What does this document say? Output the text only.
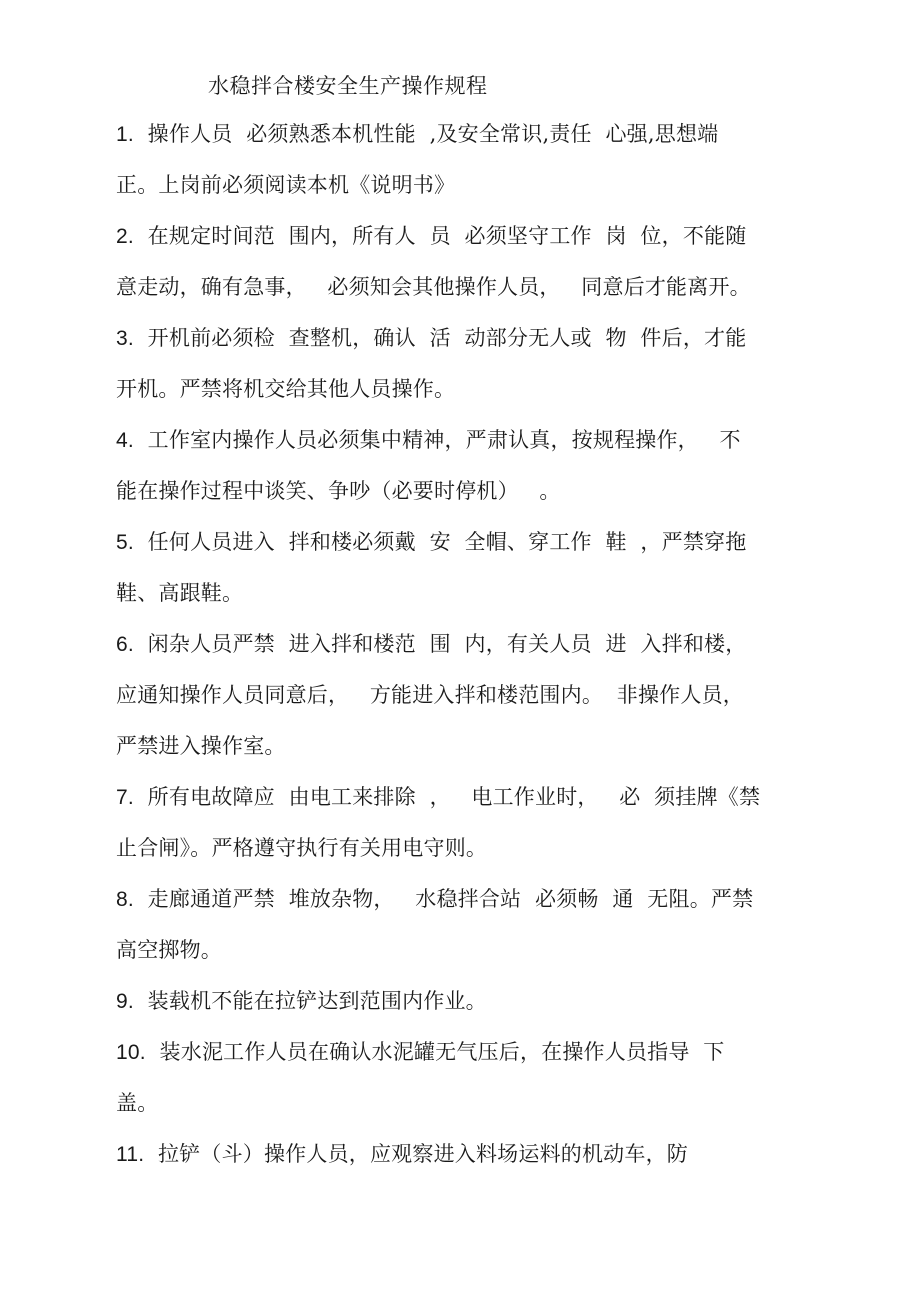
水稳拌合楼安全生产操作规程
1.  操作人员  必须熟悉本机性能  ,及安全常识,责任  心强,思想端
正。上岗前必须阅读本机《说明书》
2.  在规定时间范  围内，所有人  员  必须坚守工作  岗  位，不能随
意走动，确有急事，   必须知会其他操作人员，   同意后才能离开。
3.  开机前必须检  查整机，确认  活  动部分无人或  物  件后，才能
开机。严禁将机交给其他人员操作。
4.  工作室内操作人员必须集中精神，严肃认真，按规程操作，   不
能在操作过程中谈笑、争吵（必要时停机）   。
5.  任何人员进入  拌和楼必须戴  安  全帽、穿工作  鞋  ，严禁穿拖
鞋、高跟鞋。
6.  闲杂人员严禁  进入拌和楼范  围  内，有关人员  进  入拌和楼，
应通知操作人员同意后，   方能进入拌和楼范围内。  非操作人员，
严禁进入操作室。
7.  所有电故障应  由电工来排除  ，   电工作业时，   必  须挂牌《禁
止合闸》。严格遵守执行有关用电守则。
8.  走廊通道严禁  堆放杂物，   水稳拌合站  必须畅  通  无阻。严禁
高空掷物。
9.  装载机不能在拉铲达到范围内作业。
10.  装水泥工作人员在确认水泥罐无气压后，在操作人员指导  下
盖。
11.  拉铲（斗）操作人员，应观察进入料场运料的机动车，防
